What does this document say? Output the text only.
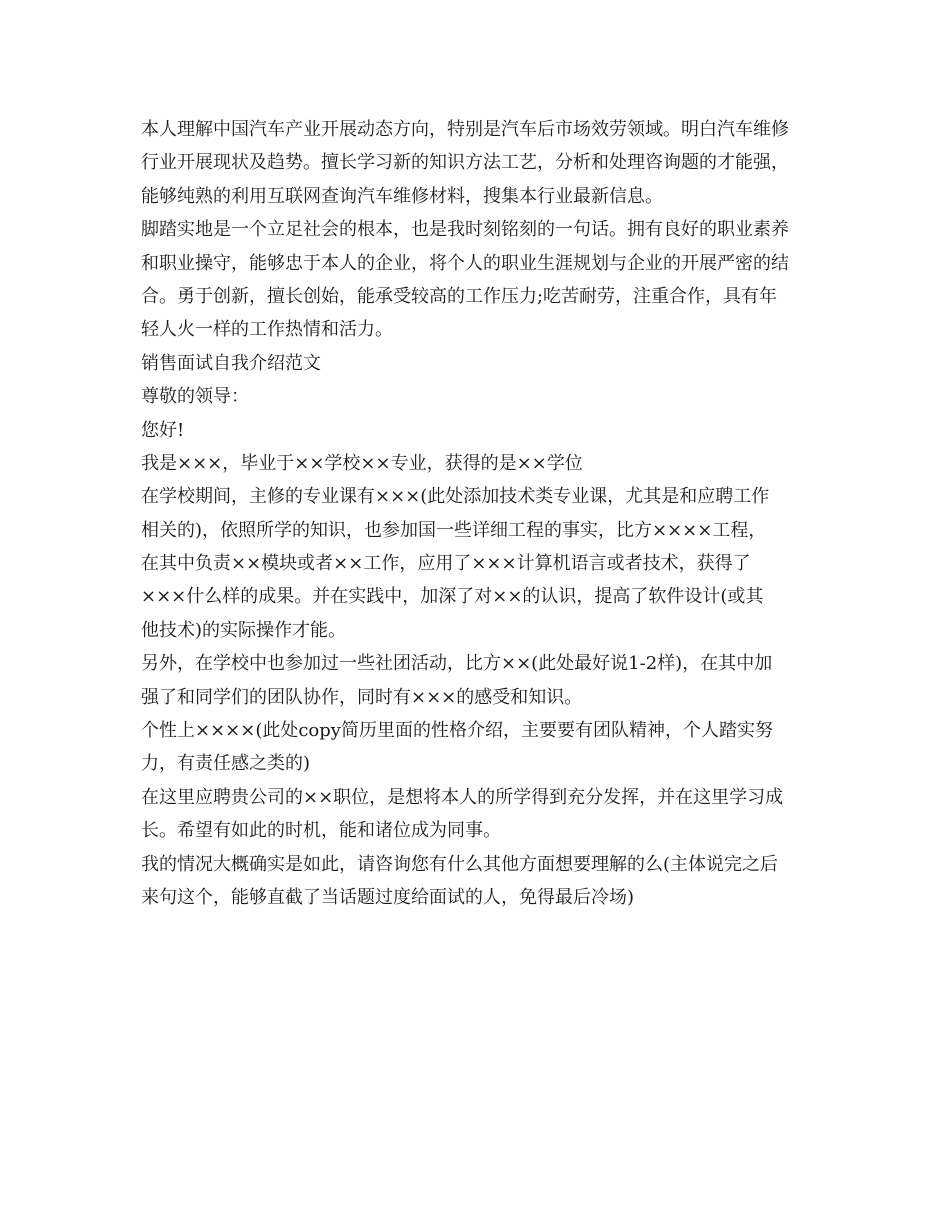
本人理解中国汽车产业开展动态方向，特别是汽车后市场效劳领域。明白汽车维修
行业开展现状及趋势。擅长学习新的知识方法工艺，分析和处理咨询题的才能强，
能够纯熟的利用互联网查询汽车维修材料，搜集本行业最新信息。
脚踏实地是一个立足社会的根本，也是我时刻铭刻的一句话。拥有良好的职业素养
和职业操守，能够忠于本人的企业，将个人的职业生涯规划与企业的开展严密的结
合。勇于创新，擅长创始，能承受较高的工作压力;吃苦耐劳，注重合作，具有年
轻人火一样的工作热情和活力。
销售面试自我介绍范文
尊敬的领导：
您好!
我是×××，毕业于××学校××专业，获得的是××学位
在学校期间，主修的专业课有×××(此处添加技术类专业课，尤其是和应聘工作
相关的)，依照所学的知识，也参加国一些详细工程的事实，比方××××工程，
在其中负责××模块或者××工作，应用了×××计算机语言或者技术，获得了
×××什么样的成果。并在实践中，加深了对××的认识，提高了软件设计(或其
他技术)的实际操作才能。
另外，在学校中也参加过一些社团活动，比方××(此处最好说1-2样)，在其中加
强了和同学们的团队协作，同时有×××的感受和知识。
个性上××××(此处copy简历里面的性格介绍，主要要有团队精神，个人踏实努
力，有责任感之类的)
在这里应聘贵公司的××职位，是想将本人的所学得到充分发挥，并在这里学习成
长。希望有如此的时机，能和诸位成为同事。
我的情况大概确实是如此，请咨询您有什么其他方面想要理解的么(主体说完之后
来句这个，能够直截了当话题过度给面试的人，免得最后冷场)
